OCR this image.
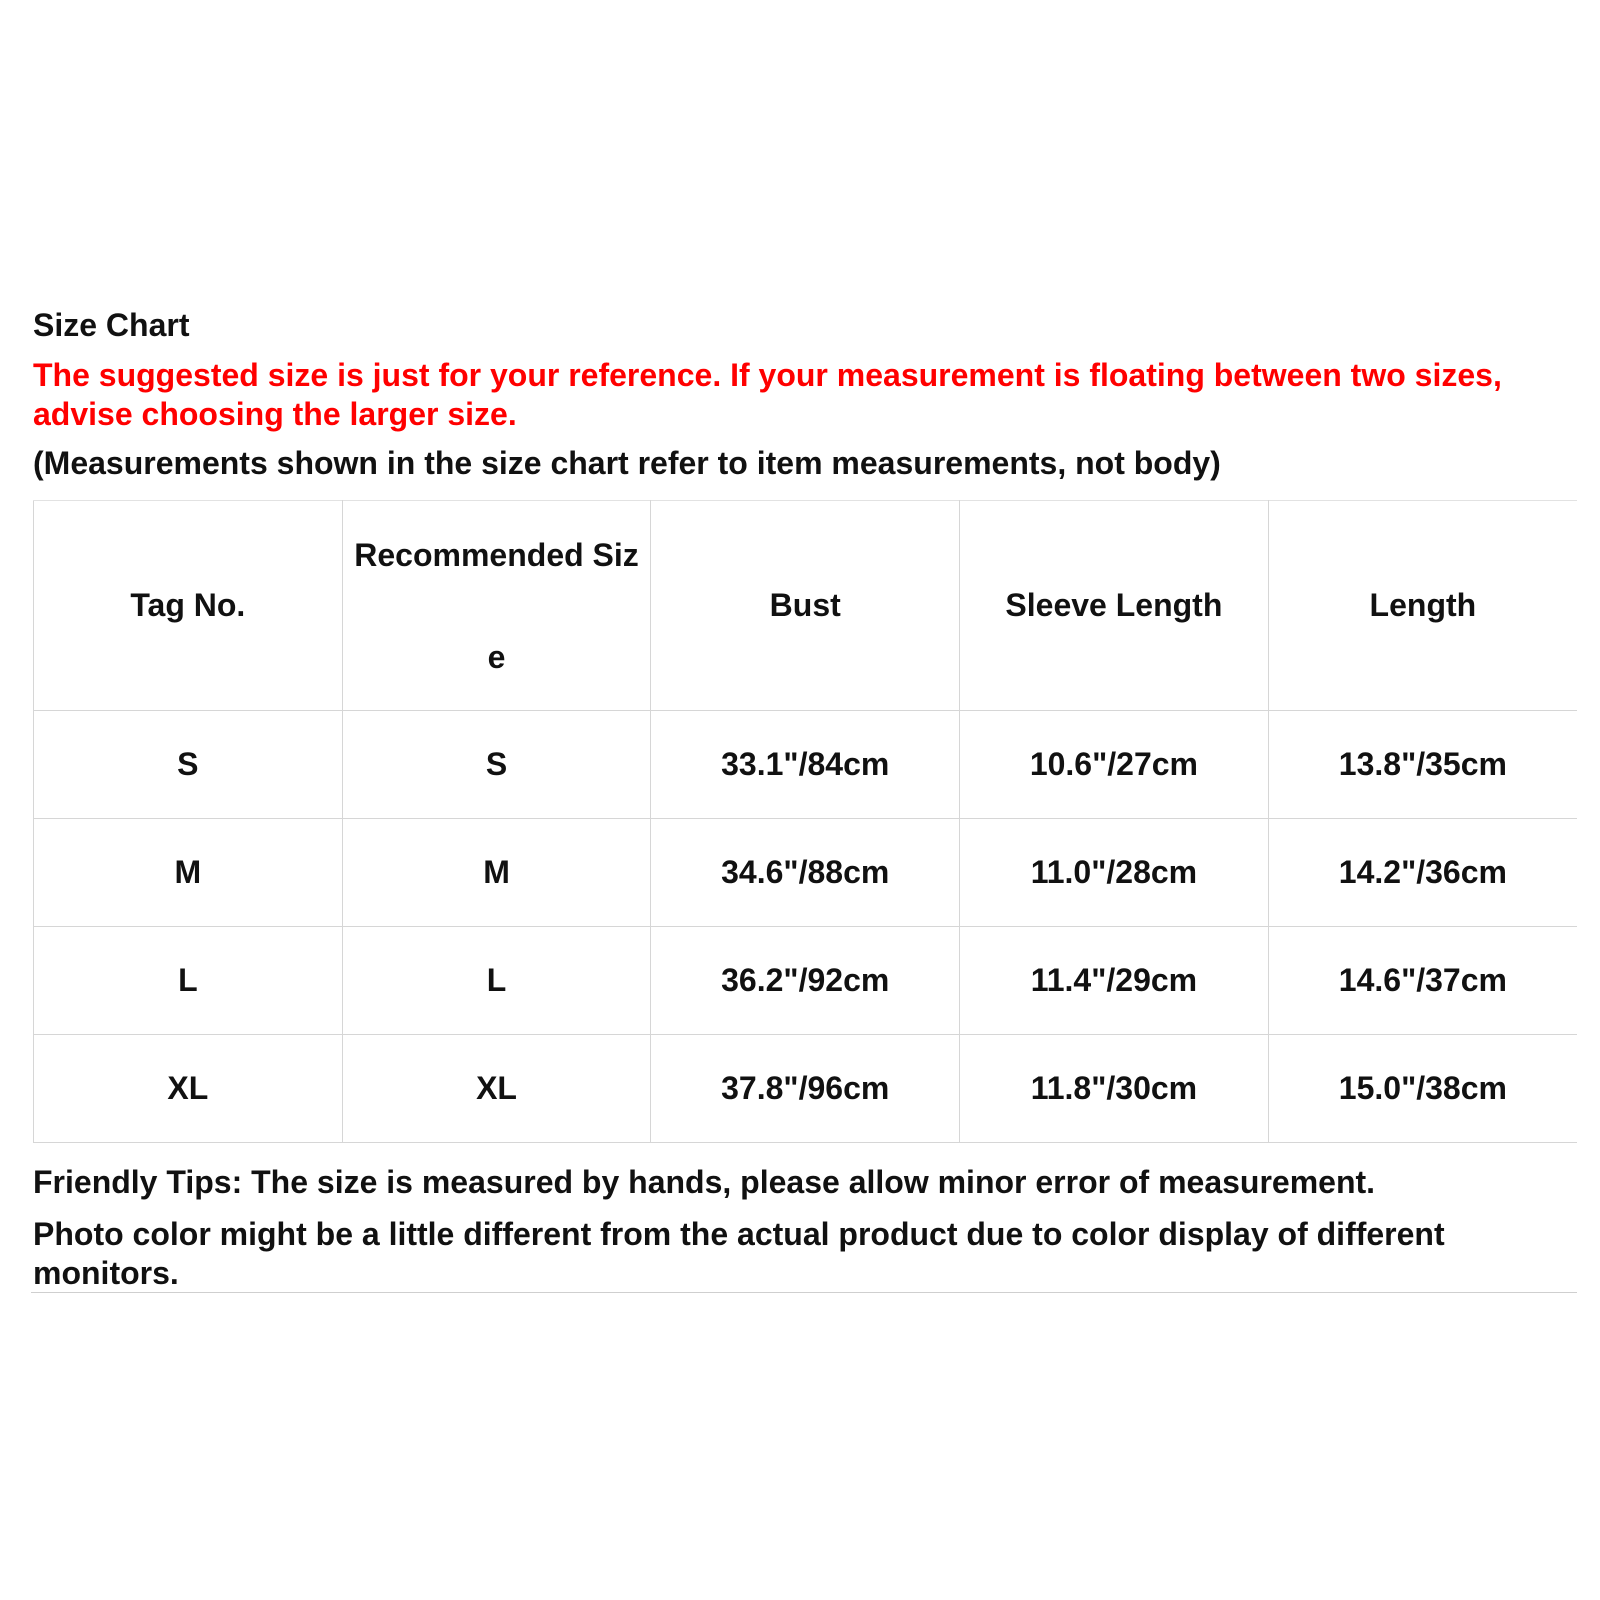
Size Chart

The suggested size is just for your reference. If your measurement is floating between two sizes, advise choosing the larger size.

(Measurements shown in the size chart refer to item measurements, not body)

Tag No.	Recommended Size	Bust	Sleeve Length	Length
S	S	33.1"/84cm	10.6"/27cm	13.8"/35cm
M	M	34.6"/88cm	11.0"/28cm	14.2"/36cm
L	L	36.2"/92cm	11.4"/29cm	14.6"/37cm
XL	XL	37.8"/96cm	11.8"/30cm	15.0"/38cm

Friendly Tips: The size is measured by hands, please allow minor error of measurement.

Photo color might be a little different from the actual product due to color display of different monitors.
